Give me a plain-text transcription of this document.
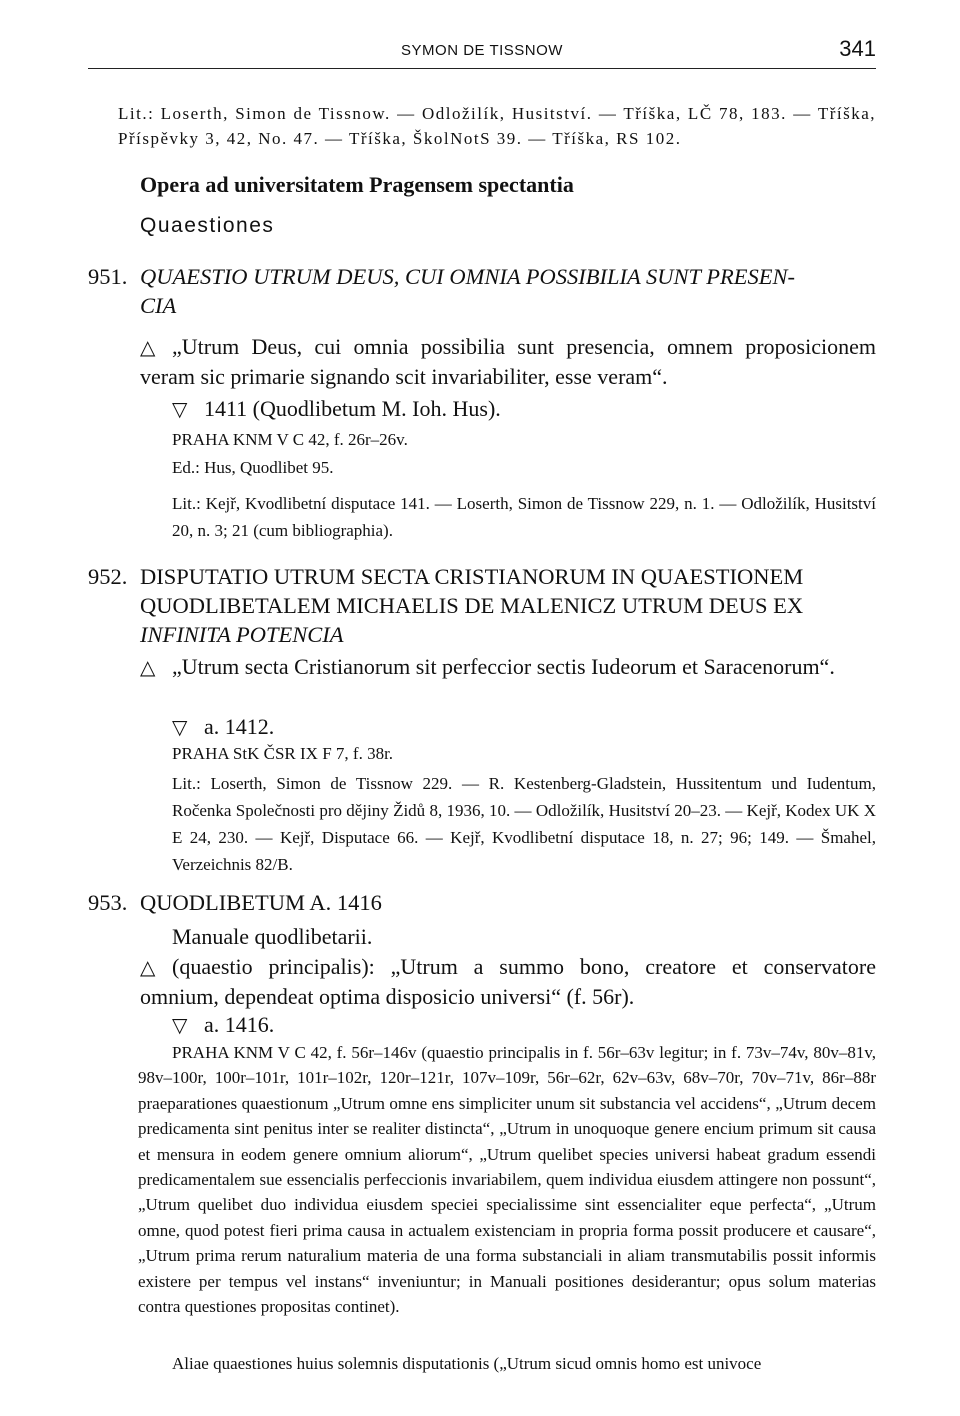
SYMON DE TISSNOW	341
Lit.: Loserth, Simon de Tissnow. — Odložilík, Husitství. — Tříška, LČ 78, 183. — Tříška, Příspěvky 3, 42, No. 47. — Tříška, ŠkolNotS 39. — Tříška, RS 102.
Opera ad universitatem Pragensem spectantia
Quaestiones
951. QUAESTIO UTRUM DEUS, CUI OMNIA POSSIBILIA SUNT PRESEN-
CIA
△ „Utrum Deus, cui omnia possibilia sunt presencia, omnem proposicionem veram sic primarie signando scit invariabiliter, esse veram“.
▽ 1411 (Quodlibetum M. Ioh. Hus).
PRAHA KNM V C 42, f. 26r–26v.
Ed.: Hus, Quodlibet 95.
Lit.: Kejř, Kvodlibetní disputace 141. — Loserth, Simon de Tissnow 229, n. 1. — Odložilík, Husitství 20, n. 3; 21 (cum bibliographia).
952. DISPUTATIO UTRUM SECTA CRISTIANORUM IN QUAESTIONEM
QUODLIBETALEM MICHAELIS DE MALENICZ UTRUM DEUS EX
INFINITA POTENCIA
△ „Utrum secta Cristianorum sit perfeccior sectis Iudeorum et Saracenorum“.
▽ a. 1412.
PRAHA StK ČSR IX F 7, f. 38r.
Lit.: Loserth, Simon de Tissnow 229. — R. Kestenberg-Gladstein, Hussitentum und Iudentum, Ročenka Společnosti pro dějiny Židů 8, 1936, 10. — Odložilík, Husitství 20–23. — Kejř, Kodex UK X E 24, 230. — Kejř, Disputace 66. — Kejř, Kvodlibetní disputace 18, n. 27; 96; 149. — Šmahel, Verzeichnis 82/B.
953. QUODLIBETUM A. 1416
Manuale quodlibetarii.
△ (quaestio principalis): „Utrum a summo bono, creatore et conservatore omnium, dependeat optima disposicio universi“ (f. 56r).
▽ a. 1416.
PRAHA KNM V C 42, f. 56r–146v (quaestio principalis in f. 56r–63v legitur; in f. 73v–74v, 80v–81v, 98v–100r, 100r–101r, 101r–102r, 120r–121r, 107v–109r, 56r–62r, 62v–63v, 68v–70r, 70v–71v, 86r–88r praeparationes quaestionum „Utrum omne ens simpliciter unum sit substancia vel accidens“, „Utrum decem predicamenta sint penitus inter se realiter distincta“, „Utrum in unoquoque genere encium primum sit causa et mensura in eodem genere omnium aliorum“, „Utrum quelibet species universi habeat gradum essendi predicamentalem sue essencialis perfeccionis invariabilem, quem individua eiusdem attingere non possunt“, „Utrum quelibet duo individua eiusdem speciei specialissime sint essencialiter eque perfecta“, „Utrum omne, quod potest fieri prima causa in actualem existenciam in propria forma possit producere et causare“, „Utrum prima rerum naturalium materia de una forma substanciali in aliam transmutabilis possit informis existere per tempus vel instans“ inveniuntur; in Manuali positiones desiderantur; opus solum materias contra questiones propositas continet).
Aliae quaestiones huius solemnis disputationis („Utrum sicud omnis homo est univoce
